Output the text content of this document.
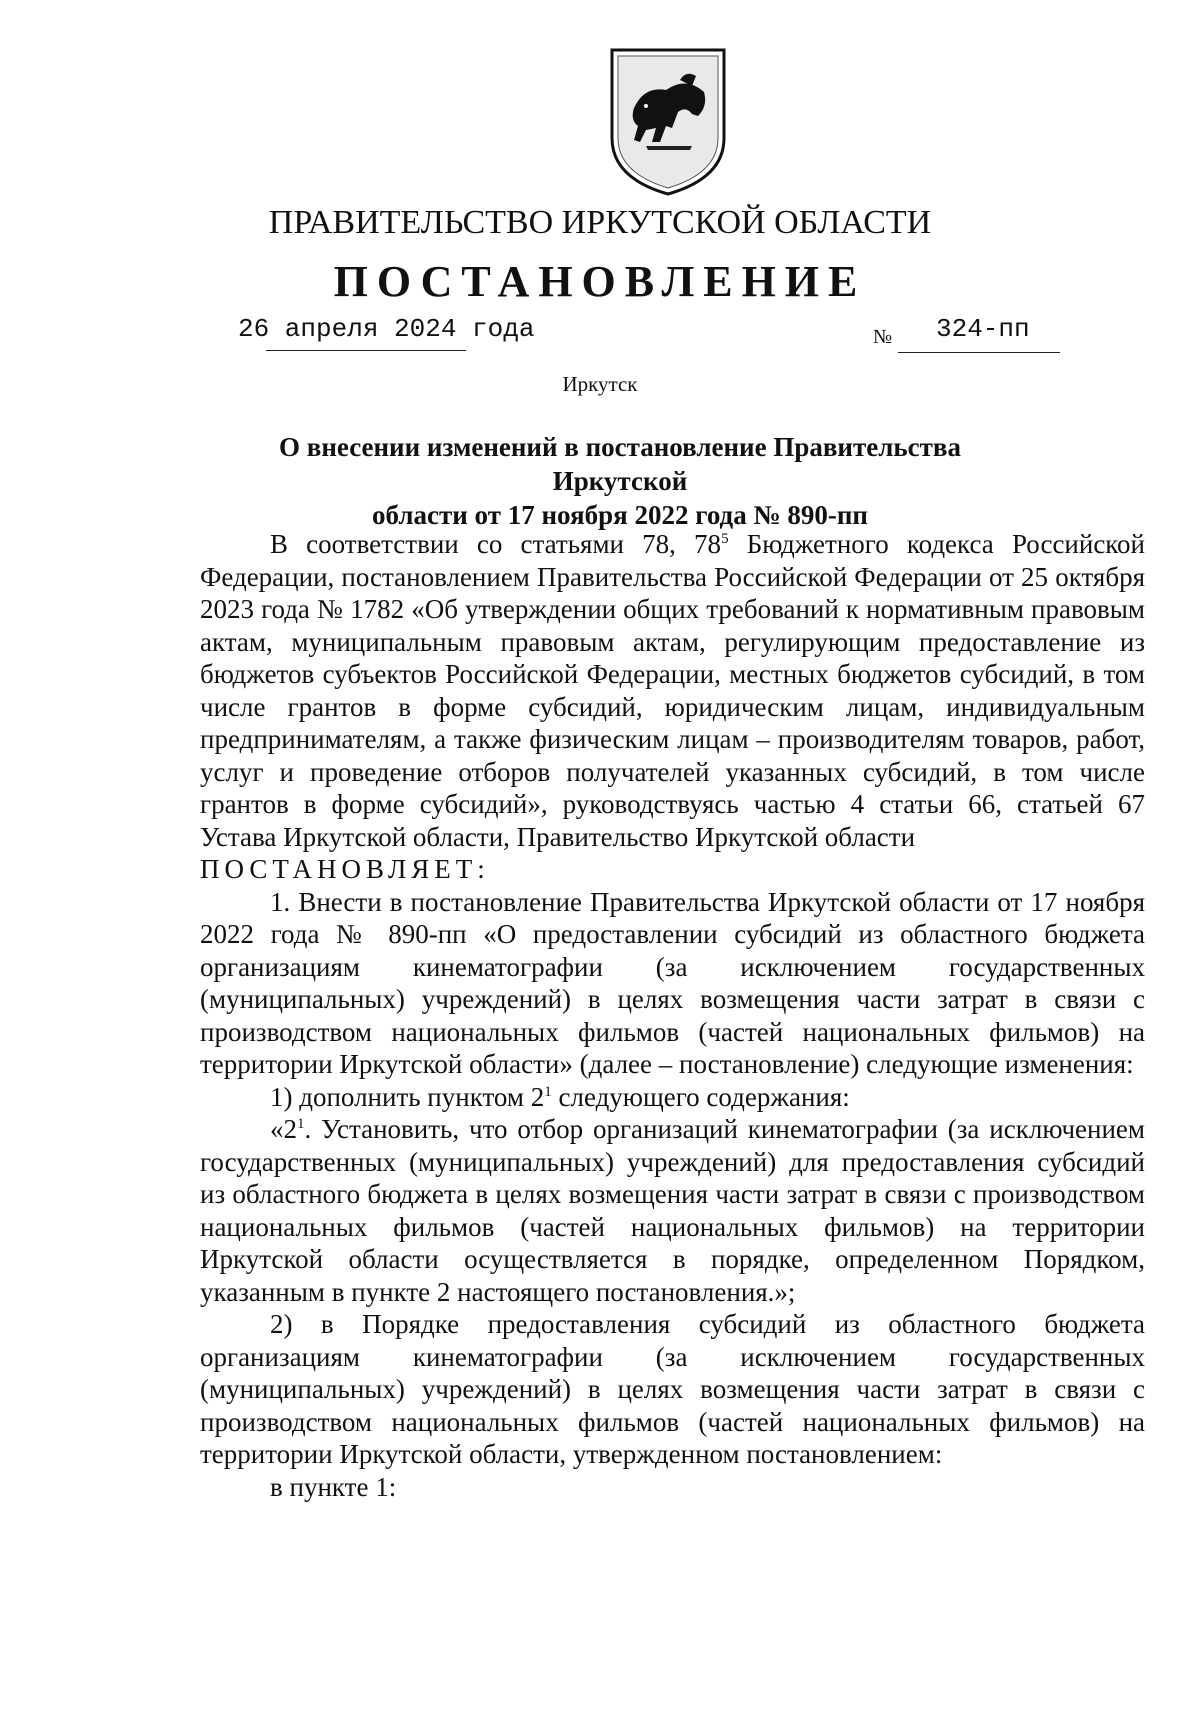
ПРАВИТЕЛЬСТВО ИРКУТСКОЙ ОБЛАСТИ
ПОСТАНОВЛЕНИЕ
26 апреля 2024 года	№ 324-пп
Иркутск
О внесении изменений в постановление Правительства Иркутской
области от 17 ноября 2022 года № 890-пп

В соответствии со статьями 78, $78^5$ Бюджетного кодекса Российской Федерации, постановлением Правительства Российской Федерации от 25 октября 2023 года № 1782 «Об утверждении общих требований к нормативным правовым актам, муниципальным правовым актам, регулирующим предоставление из бюджетов субъектов Российской Федерации, местных бюджетов субсидий, в том числе грантов в форме субсидий, юридическим лицам, индивидуальным предпринимателям, а также физическим лицам – производителям товаров, работ, услуг и проведение отборов получателей указанных субсидий, в том числе грантов в форме субсидий», руководствуясь частью 4 статьи 66, статьей 67 Устава Иркутской области, Правительство Иркутской области

ПОСТАНОВЛЯЕТ:

1. Внести в постановление Правительства Иркутской области от 17 ноября 2022 года № 890-пп «О предоставлении субсидий из областного бюджета организациям кинематографии (за исключением государственных (муниципальных) учреждений) в целях возмещения части затрат в связи с производством национальных фильмов (частей национальных фильмов) на территории Иркутской области» (далее – постановление) следующие изменения:

1) дополнить пунктом $2^1$ следующего содержания:

«$2^1$. Установить, что отбор организаций кинематографии (за исключением государственных (муниципальных) учреждений) для предоставления субсидий из областного бюджета в целях возмещения части затрат в связи с производством национальных фильмов (частей национальных фильмов) на территории Иркутской области осуществляется в порядке, определенном Порядком, указанным в пункте 2 настоящего постановления.»;

2) в Порядке предоставления субсидий из областного бюджета организациям кинематографии (за исключением государственных (муниципальных) учреждений) в целях возмещения части затрат в связи с производством национальных фильмов (частей национальных фильмов) на территории Иркутской области, утвержденном постановлением:

в пункте 1:
